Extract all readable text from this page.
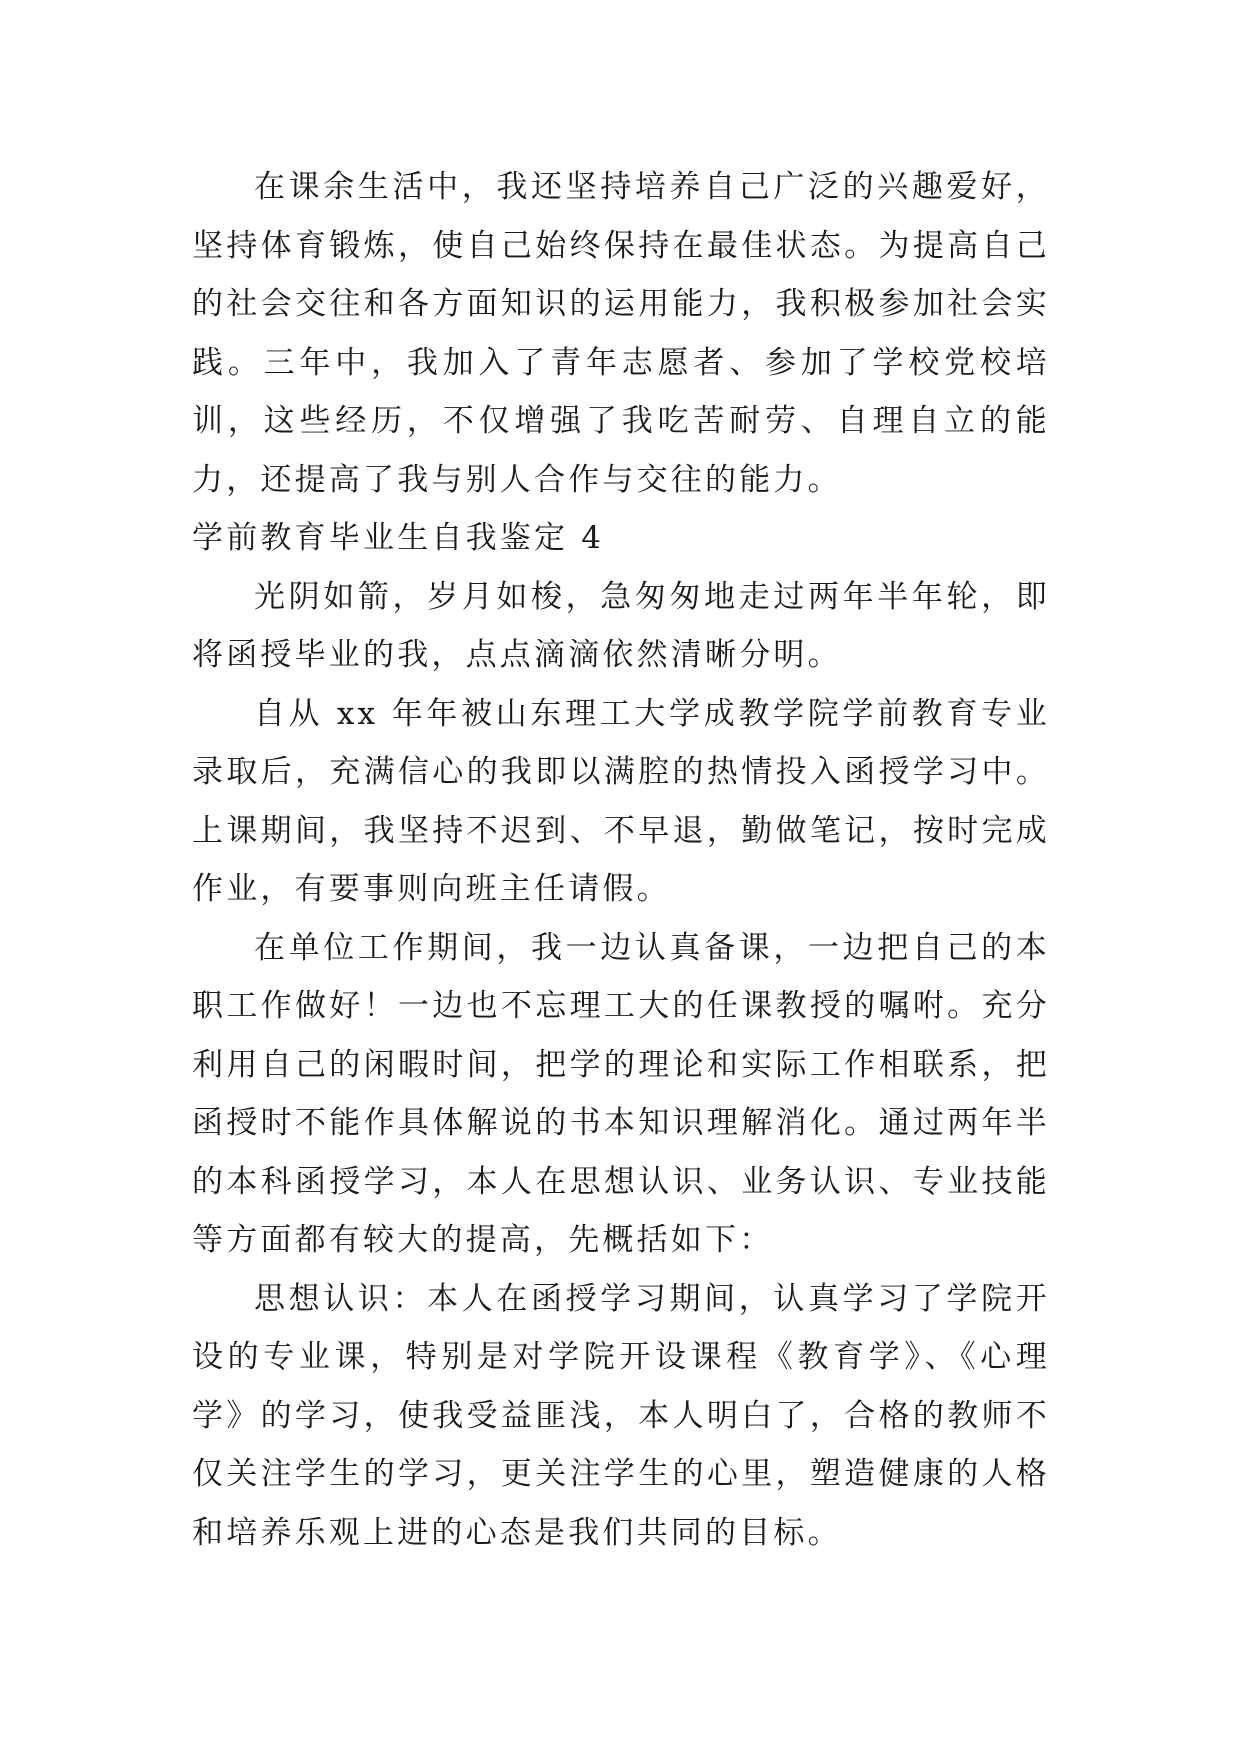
在课余生活中，我还坚持培养自己广泛的兴趣爱好，坚持体育锻炼，使自己始终保持在最佳状态。为提高自己的社会交往和各方面知识的运用能力，我积极参加社会实践。三年中，我加入了青年志愿者、参加了学校党校培训，这些经历，不仅增强了我吃苦耐劳、自理自立的能力，还提高了我与别人合作与交往的能力。

学前教育毕业生自我鉴定 4

光阴如箭，岁月如梭，急匆匆地走过两年半年轮，即将函授毕业的我，点点滴滴依然清晰分明。

自从 xx 年年被山东理工大学成教学院学前教育专业录取后，充满信心的我即以满腔的热情投入函授学习中。上课期间，我坚持不迟到、不早退，勤做笔记，按时完成作业，有要事则向班主任请假。

在单位工作期间，我一边认真备课，一边把自己的本职工作做好！一边也不忘理工大的任课教授的嘱咐。充分利用自己的闲暇时间，把学的理论和实际工作相联系，把函授时不能作具体解说的书本知识理解消化。通过两年半的本科函授学习，本人在思想认识、业务认识、专业技能等方面都有较大的提高，先概括如下：

思想认识：本人在函授学习期间，认真学习了学院开设的专业课，特别是对学院开设课程《教育学》、《心理学》的学习，使我受益匪浅，本人明白了，合格的教师不仅关注学生的学习，更关注学生的心里，塑造健康的人格和培养乐观上进的心态是我们共同的目标。
